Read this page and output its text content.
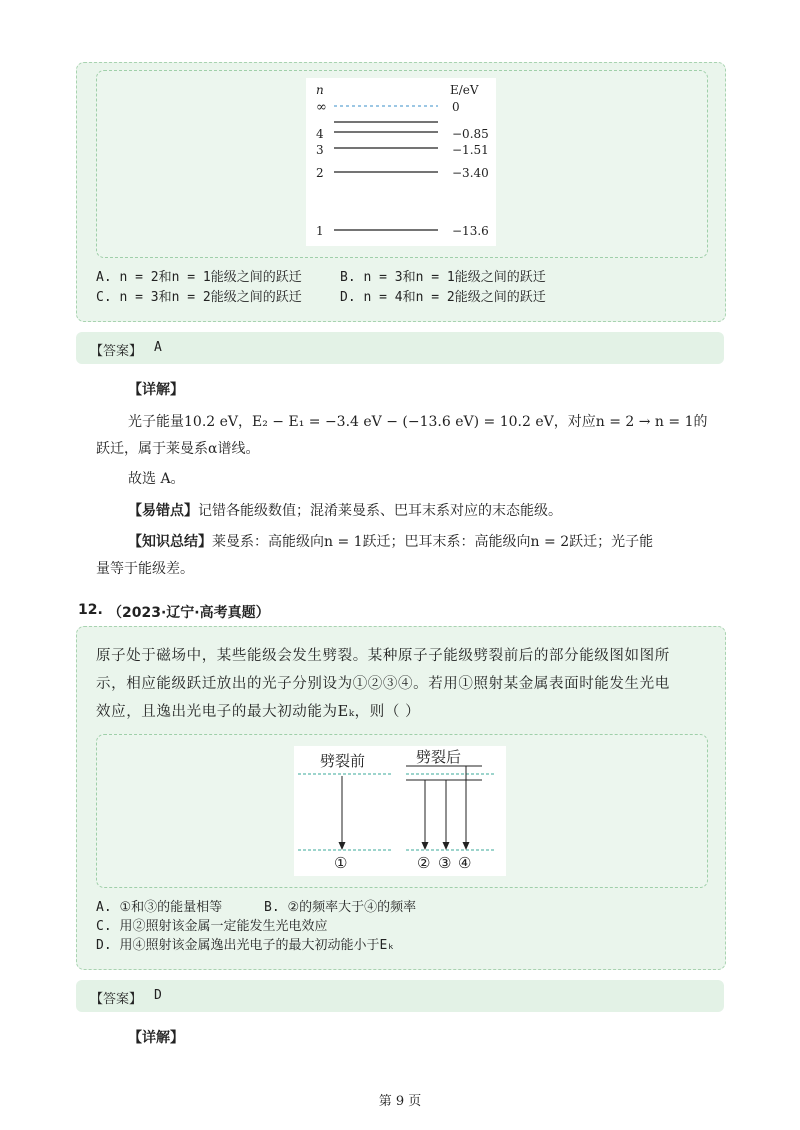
n	E/eV
∞	0
4	−0.85
3	−1.51
2	−3.40
1	−13.6
A. n = 2和n = 1能级之间的跃迁	B. n = 3和n = 1能级之间的跃迁
C. n = 3和n = 2能级之间的跃迁	D. n = 4和n = 2能级之间的跃迁
【答案】 A
【详解】
光子能量10.2 eV，E₂ − E₁ = −3.4 eV − (−13.6 eV) = 10.2 eV，对应n = 2 → n = 1的
跃迁，属于莱曼系α谱线。
故选 A。
【易错点】记错各能级数值；混淆莱曼系、巴耳末系对应的末态能级。
【知识总结】莱曼系：高能级向n = 1跃迁；巴耳末系：高能级向n = 2跃迁；光子能
量等于能级差。
12. （2023·辽宁·高考真题）
原子处于磁场中，某些能级会发生劈裂。某种原子子能级劈裂前后的部分能级图如图所
示，相应能级跃迁放出的光子分别设为①②③④。若用①照射某金属表面时能发生光电
效应，且逸出光电子的最大初动能为Eₖ，则（ ）
劈裂前	劈裂后
①	② ③ ④
A. ①和③的能量相等	B. ②的频率大于④的频率
C. 用②照射该金属一定能发生光电效应
D. 用④照射该金属逸出光电子的最大初动能小于Eₖ
【答案】 D
【详解】
第 9 页
